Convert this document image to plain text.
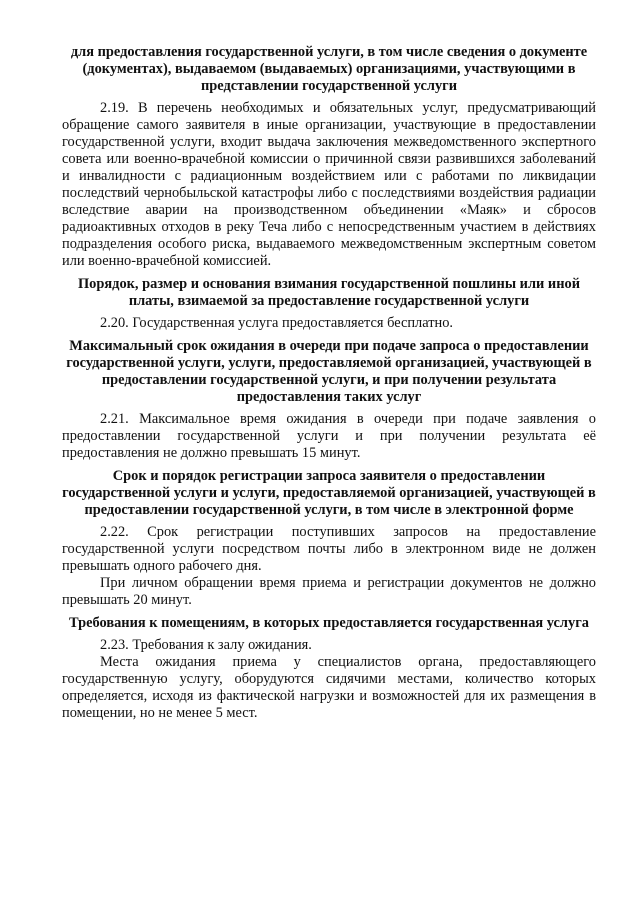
для предоставления государственной услуги, в том числе сведения о документе (документах), выдаваемом (выдаваемых) организациями, участвующими в представлении государственной услуги

2.19. В перечень необходимых и обязательных услуг, предусматривающий обращение самого заявителя в иные организации, участвующие в предоставлении государственной услуги, входит выдача заключения межведомственного экспертного совета или военно-врачебной комиссии о причинной связи развившихся заболеваний и инвалидности с радиационным воздействием или с работами по ликвидации последствий чернобыльской катастрофы либо с последствиями воздействия радиации вследствие аварии на производственном объединении «Маяк» и сбросов радиоактивных отходов в реку Теча либо с непосредственным участием в действиях подразделения особого риска, выдаваемого межведомственным экспертным советом или военно-врачебной комиссией.

Порядок, размер и основания взимания государственной пошлины или иной платы, взимаемой за предоставление государственной услуги

2.20. Государственная услуга предоставляется бесплатно.

Максимальный срок ожидания в очереди при подаче запроса о предоставлении государственной услуги, услуги, предоставляемой организацией, участвующей в предоставлении государственной услуги, и при получении результата предоставления таких услуг

2.21. Максимальное время ожидания в очереди при подаче заявления о предоставлении государственной услуги и при получении результата её предоставления не должно превышать 15 минут.

Срок и порядок регистрации запроса заявителя о предоставлении государственной услуги и услуги, предоставляемой организацией, участвующей в предоставлении государственной услуги, в том числе в электронной форме

2.22. Срок регистрации поступивших запросов на предоставление государственной услуги посредством почты либо в электронном виде не должен превышать одного рабочего дня.

При личном обращении время приема и регистрации документов не должно превышать 20 минут.

Требования к помещениям, в которых предоставляется государственная услуга

2.23. Требования к залу ожидания.

Места ожидания приема у специалистов органа, предоставляющего государственную услугу, оборудуются сидячими местами, количество которых определяется, исходя из фактической нагрузки и возможностей для их размещения в помещении, но не менее 5 мест.
